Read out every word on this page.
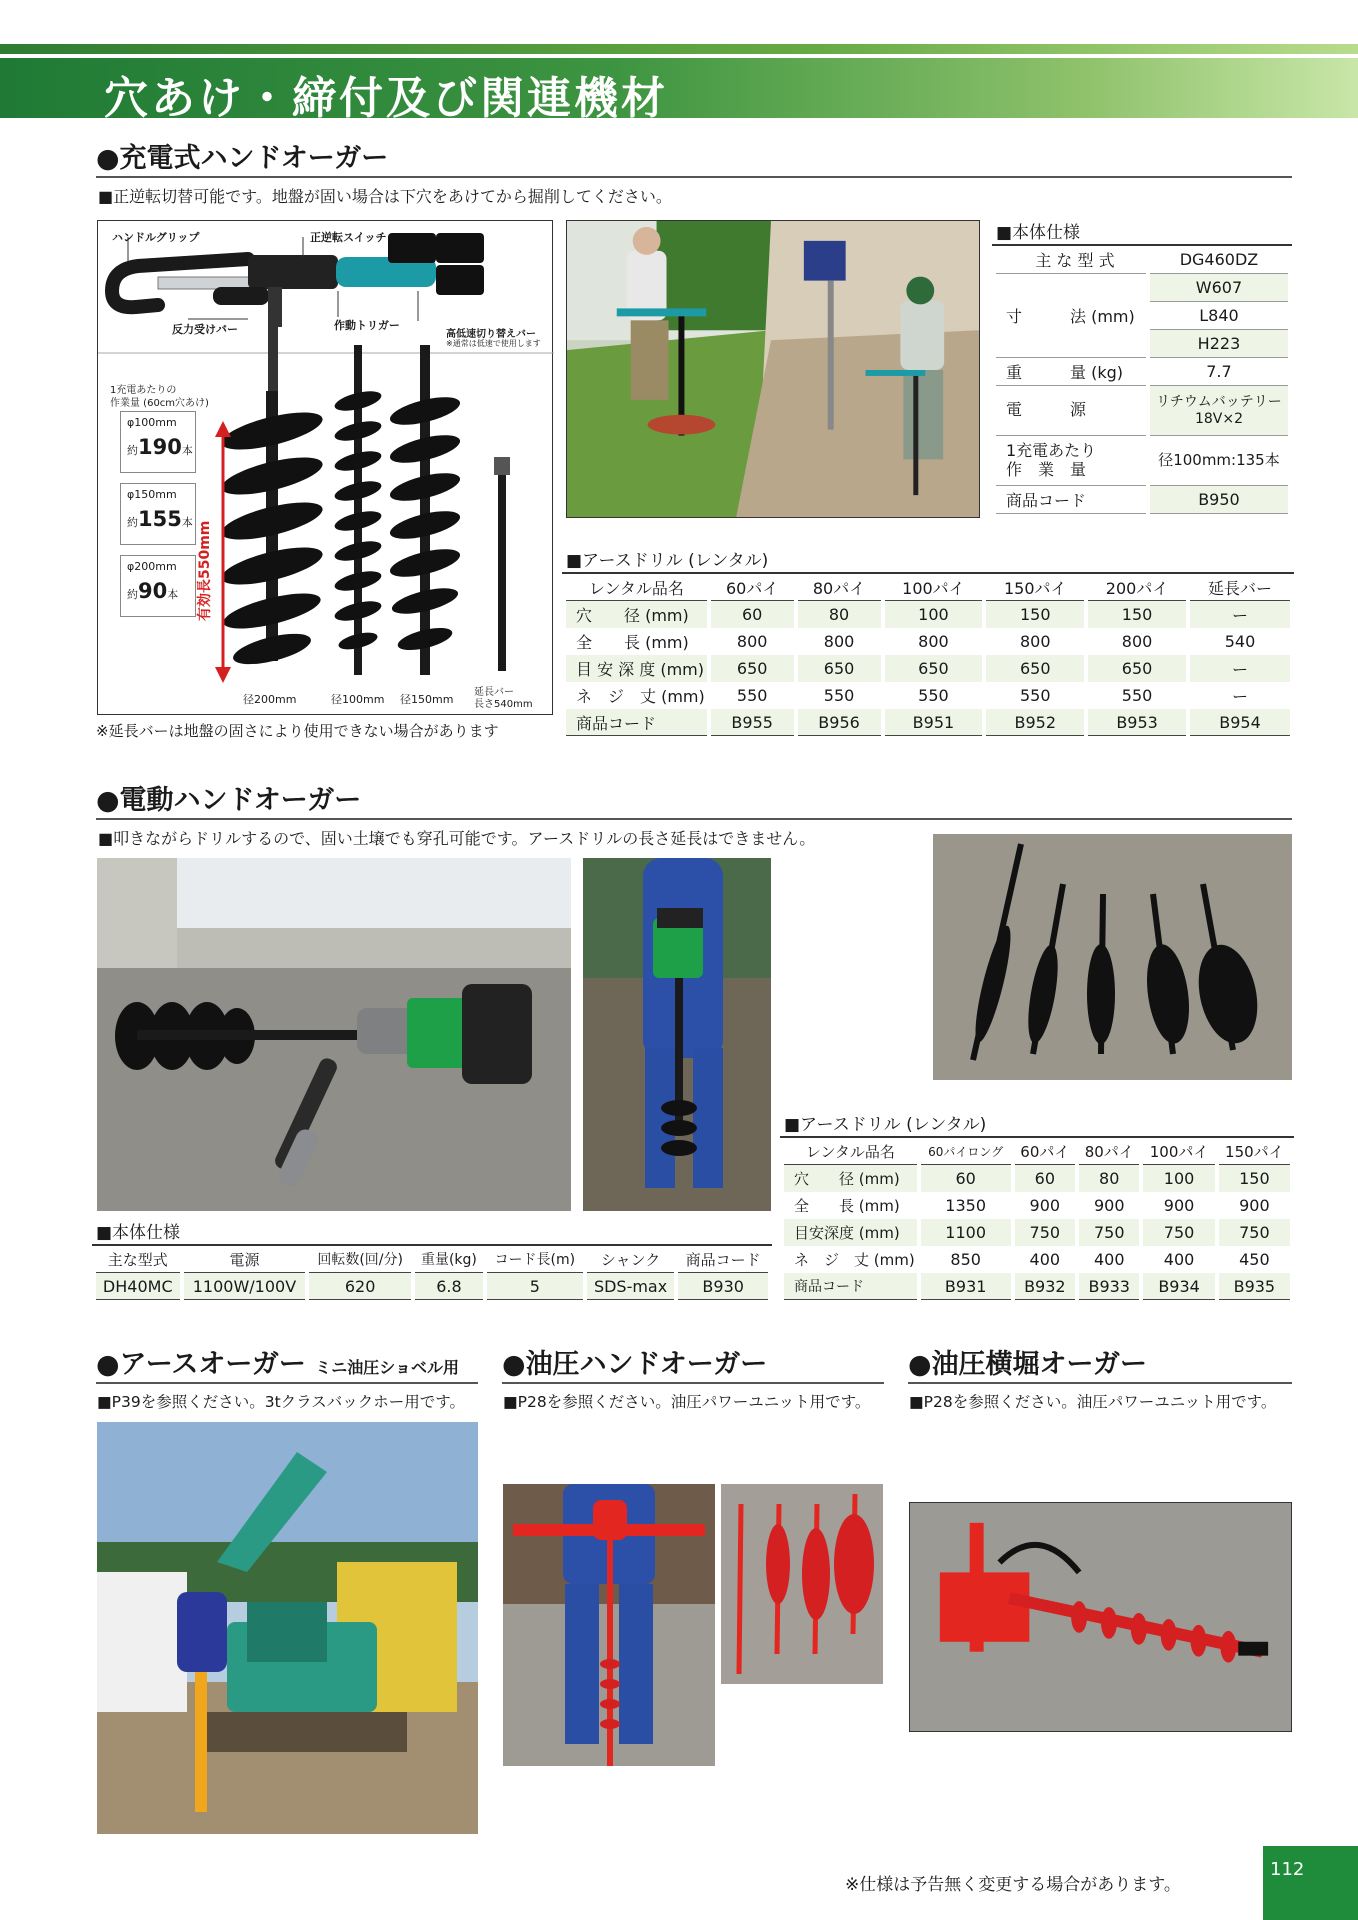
穴あけ・締付及び関連機材
●充電式ハンドオーガー
■正逆転切替可能です。地盤が固い場合は下穴をあけてから掘削してください。
ハンドルグリップ	正逆転スイッチ
反力受けバー	作動トリガー
高低速切り替えバー
※通常は低速で使用します
1充電あたりの
作業量 (60cm穴あけ)
φ100mm
約190本
φ150mm
約155本
φ200mm
約90本	有効長550mm
径200mm	径100mm 径150mm
延長バー
長さ540mm
※延長バーは地盤の固さにより使用できない場合があります
■本体仕様
主 な 型 式	DG460DZ
寸　　　法 (mm)	W607
	L840
	H223
重　　　量 (kg)	7.7
電　　　源	リチウムバッテリー
18V×2

1充電あたり
作　業　量	径100mm:135本
商品コード	B950
■アースドリル (レンタル)
レンタル品名	60パイ	80パイ	100パイ	150パイ	200パイ	延長バー
穴　　径 (mm)	60	80	100	150	150	ー
全　　長 (mm)	800	800	800	800	800	540
目 安 深 度 (mm)	650	650	650	650	650	ー
ネ　ジ　丈 (mm)	550	550	550	550	550	ー
商品コード	B955	B956	B951	B952	B953	B954
●電動ハンドオーガー
■叩きながらドリルするので、固い土壌でも穿孔可能です。アースドリルの長さ延長はできません。
■本体仕様
主な型式	電源	回転数(回/分)	重量(kg)	コード長(m)	シャンク	商品コード
DH40MC	1100W/100V	620	6.8	5	SDS-max	B930
■アースドリル (レンタル)
レンタル品名	60パイロング	60パイ	80パイ	100パイ	150パイ
穴　　径 (mm)	60	60	80	100	150
全　　長 (mm)	1350	900	900	900	900
目安深度 (mm)	1100	750	750	750	750
ネ　ジ　丈 (mm)	850	400	400	400	450
商品コード	B931	B932	B933	B934	B935
●アースオーガー ミニ油圧ショベル用
■P39を参照ください。3tクラスバックホー用です。
●油圧ハンドオーガー
■P28を参照ください。油圧パワーユニット用です。
●油圧横堀オーガー
■P28を参照ください。油圧パワーユニット用です。
※仕様は予告無く変更する場合があります。
112
